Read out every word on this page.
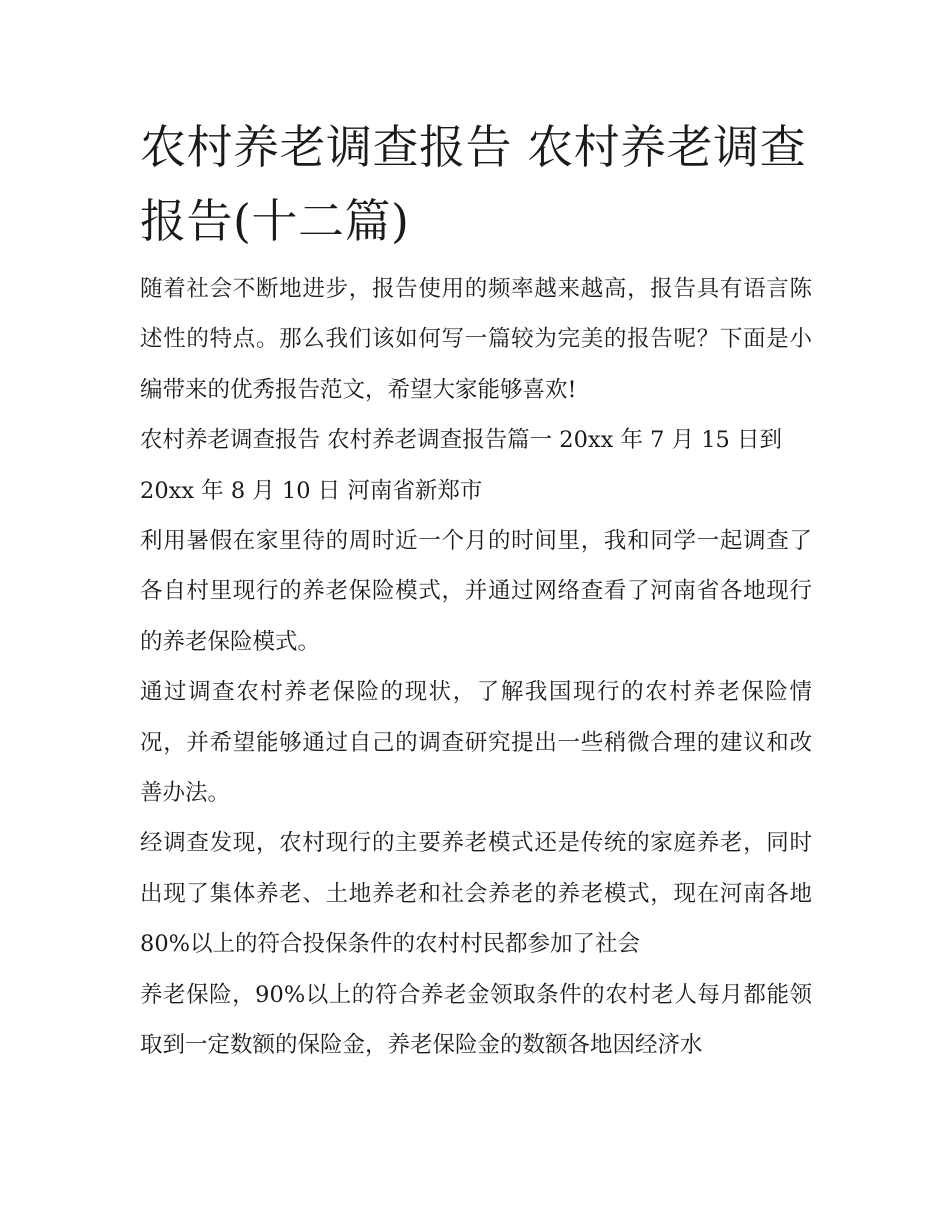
农村养老调查报告 农村养老调查报告(十二篇)

随着社会不断地进步，报告使用的频率越来越高，报告具有语言陈述性的特点。那么我们该如何写一篇较为完美的报告呢？下面是小编带来的优秀报告范文，希望大家能够喜欢!

农村养老调查报告 农村养老调查报告篇一 20xx 年 7 月 15 日到
20xx 年 8 月 10 日 河南省新郑市

利用暑假在家里待的周时近一个月的时间里，我和同学一起调查了各自村里现行的养老保险模式，并通过网络查看了河南省各地现行的养老保险模式。

通过调查农村养老保险的现状，了解我国现行的农村养老保险情况，并希望能够通过自己的调查研究提出一些稍微合理的建议和改善办法。

经调查发现，农村现行的主要养老模式还是传统的家庭养老，同时出现了集体养老、土地养老和社会养老的养老模式，现在河南各地 80%以上的符合投保条件的农村村民都参加了社会
养老保险，90%以上的符合养老金领取条件的农村老人每月都能领取到一定数额的保险金，养老保险金的数额各地因经济水
